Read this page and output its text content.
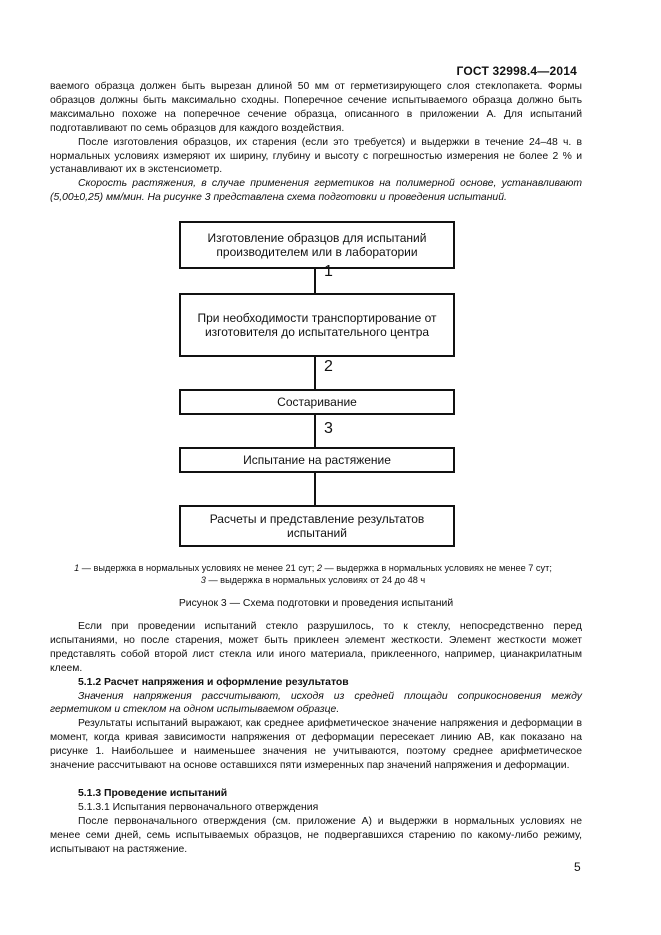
ГОСТ 32998.4—2014

ваемого образца должен быть вырезан длиной 50 мм от герметизирующего слоя стеклопакета. Формы образцов должны быть максимально сходны. Поперечное сечение испытываемого образца должно быть максимально похоже на поперечное сечение образца, описанного в приложении А. Для испытаний подготавливают по семь образцов для каждого воздействия.

После изготовления образцов, их старения (если это требуется) и выдержки в течение 24–48 ч. в нормальных условиях измеряют их ширину, глубину и высоту с погрешностью измерения не более 2 % и устанавливают их в экстенсиометр.

Скорость растяжения, в случае применения герметиков на полимерной основе, устанавливают (5,00±0,25) мм/мин. На рисунке 3 представлена схема подготовки и проведения испытаний.

Изготовление образцов для испытаний производителем или в лаборатории
1
При необходимости транспортирование от изготовителя до испытательного центра
2
Состаривание
3
Испытание на растяжение
Расчеты и представление результатов испытаний
1 — выдержка в нормальных условиях не менее 21 сут; 2 — выдержка в нормальных условиях не менее 7 сут;
3 — выдержка в нормальных условиях от 24 до 48 ч
Рисунок 3 — Схема подготовки и проведения испытаний

Если при проведении испытаний стекло разрушилось, то к стеклу, непосредственно перед испытаниями, но после старения, может быть приклеен элемент жесткости. Элемент жесткости может представлять собой второй лист стекла или иного материала, приклеенного, например, цианакрилатным клеем.

5.1.2 Расчет напряжения и оформление результатов

Значения напряжения рассчитывают, исходя из средней площади соприкосновения между герметиком и стеклом на одном испытываемом образце.

Результаты испытаний выражают, как среднее арифметическое значение напряжения и деформации в момент, когда кривая зависимости напряжения от деформации пересекает линию АВ, как показано на рисунке 1. Наибольшее и наименьшее значения не учитываются, поэтому среднее арифметическое значение рассчитывают на основе оставшихся пяти измеренных пар значений напряжения и деформации.

5.1.3 Проведение испытаний

5.1.3.1 Испытания первоначального отверждения

После первоначального отверждения (см. приложение А) и выдержки в нормальных условиях не менее семи дней, семь испытываемых образцов, не подвергавшихся старению по какому-либо режиму, испытывают на растяжение.

5
